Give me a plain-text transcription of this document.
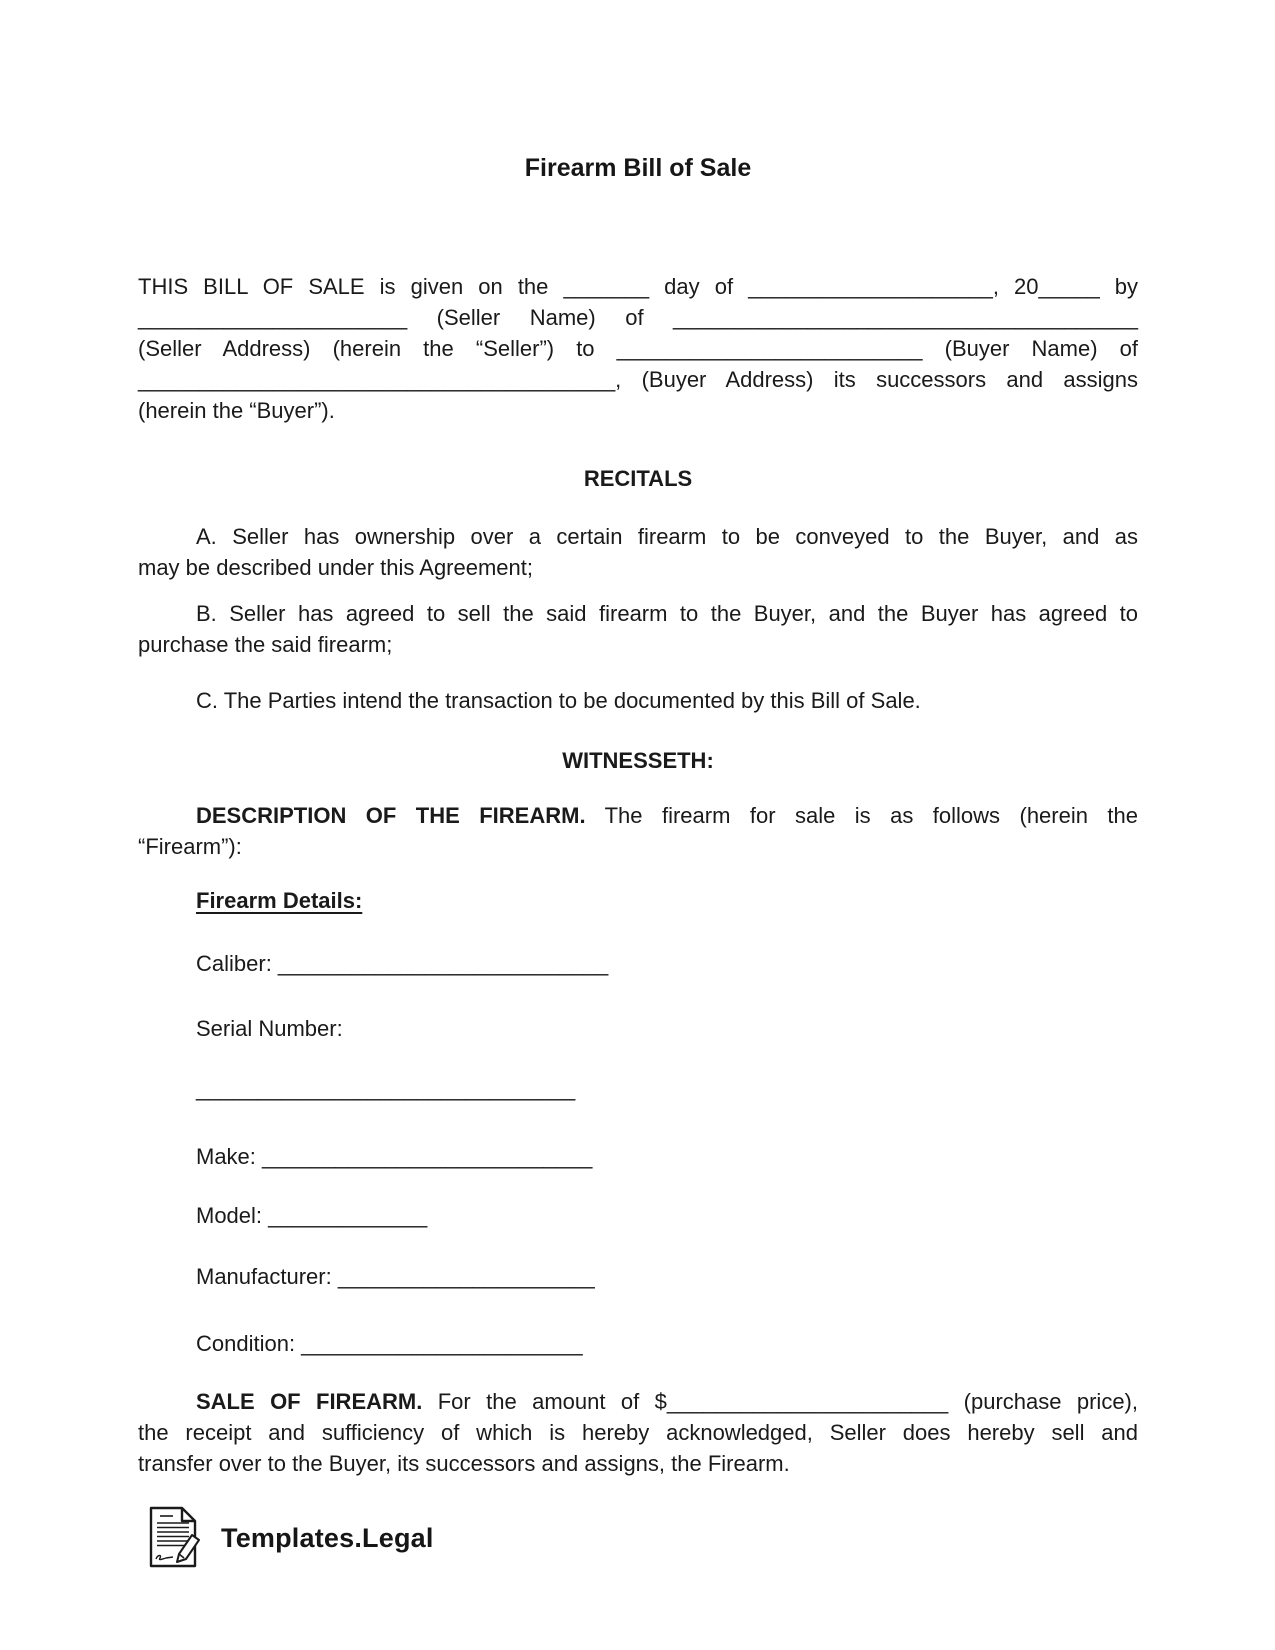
Firearm Bill of Sale
THIS BILL OF SALE is given on the _______ day of ____________________, 20_____ by
______________________ (Seller Name) of ______________________________________
(Seller Address) (herein the “Seller”) to _________________________ (Buyer Name) of
_______________________________________, (Buyer Address) its successors and assigns
(herein the “Buyer”).
RECITALS
A. Seller has ownership over a certain firearm to be conveyed to the Buyer, and as
may be described under this Agreement;
B. Seller has agreed to sell the said firearm to the Buyer, and the Buyer has agreed to
purchase the said firearm;
C. The Parties intend the transaction to be documented by this Bill of Sale.
WITNESSETH:
DESCRIPTION OF THE FIREARM. The firearm for sale is as follows (herein the
“Firearm”):
Firearm Details:
Caliber: ___________________________
Serial Number:
_______________________________
Make: ___________________________
Model: _____________
Manufacturer: _____________________
Condition: _______________________
SALE OF FIREARM. For the amount of $_______________________ (purchase price),
the receipt and sufficiency of which is hereby acknowledged, Seller does hereby sell and
transfer over to the Buyer, its successors and assigns, the Firearm.
Templates.Legal
